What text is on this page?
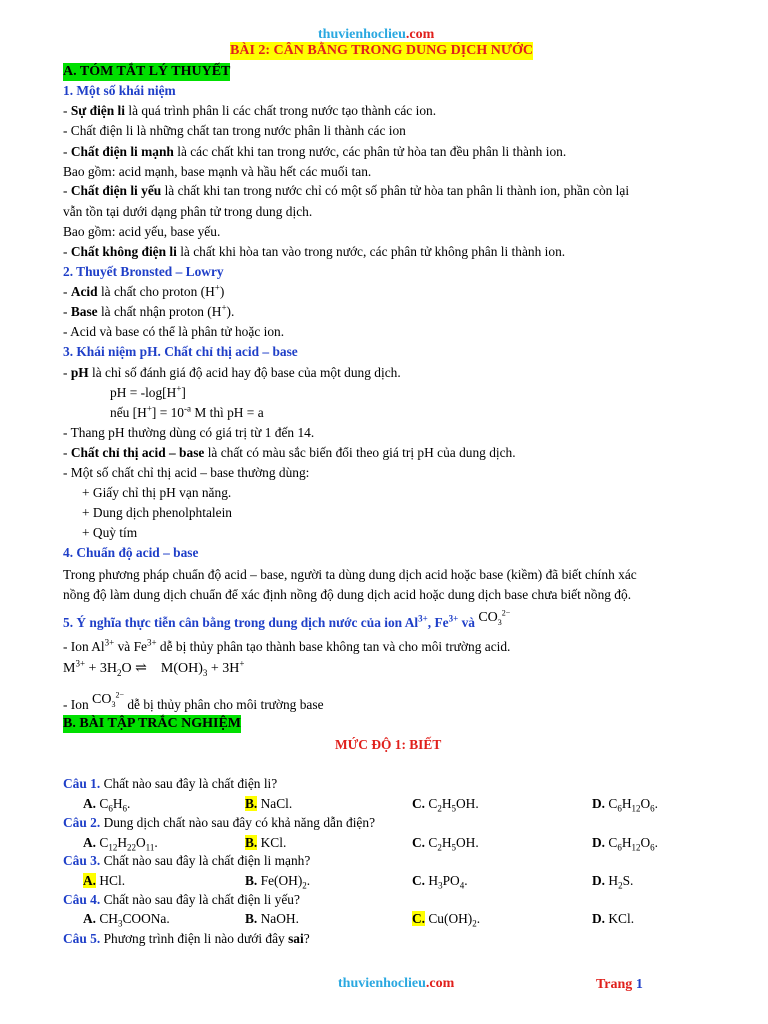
thuvienhoclieu.com
BÀI 2: CÂN BẰNG TRONG DUNG DỊCH NƯỚC
A. TÓM TẮT LÝ THUYẾT
1. Một số khái niệm
- Sự điện li là quá trình phân li các chất trong nước tạo thành các ion.
- Chất điện li là những chất tan trong nước phân li thành các ion
- Chất điện li mạnh là các chất khi tan trong nước, các phân tử hòa tan đều phân li thành ion.
Bao gồm: acid mạnh, base mạnh và hầu hết các muối tan.
- Chất điện li yếu là chất khi tan trong nước chỉ có một số phân tử hòa tan phân li thành ion, phần còn lại
vẫn tồn tại dưới dạng phân tử trong dung dịch.
Bao gồm: acid yếu, base yếu.
- Chất không điện li là chất khi hòa tan vào trong nước, các phân tử không phân li thành ion.
2. Thuyết Bronsted – Lowry
- Acid là chất cho proton (H+)
- Base là chất nhận proton (H+).
- Acid và base có thể là phân tử hoặc ion.
3. Khái niệm pH. Chất chỉ thị acid – base
- pH là chỉ số đánh giá độ acid hay độ base của một dung dịch.
pH = -log[H+]
nếu $[H^+] = 10^{-a}$ M thì pH = a
- Thang pH thường dùng có giá trị từ 1 đến 14.
- Chất chỉ thị acid – base là chất có màu sắc biến đổi theo giá trị pH của dung dịch.
- Một số chất chỉ thị acid – base thường dùng:
+ Giấy chỉ thị pH vạn năng.
+ Dung dịch phenolphtalein
+ Quỳ tím
4. Chuẩn độ acid – base
Trong phương pháp chuẩn độ acid – base, người ta dùng dung dịch acid hoặc base (kiềm) đã biết chính xác
nồng độ làm dung dịch chuẩn để xác định nồng độ dung dịch acid hoặc dung dịch base chưa biết nồng độ.
5. Ý nghĩa thực tiễn cân bằng trong dung dịch nước của ion $Al^{3+}$, $Fe^{3+}$ và $CO_3^{2-}$
- Ion $Al^{3+}$ và $Fe^{3+}$ dễ bị thủy phân tạo thành base không tan và cho môi trường acid.
$M^{3+} + 3H_2O$ ⇌    $M(OH)_3 + 3H^+$
- Ion $CO_3^{2-}$ dễ bị thủy phân cho môi trường base
B. BÀI TẬP TRẮC NGHIỆM
MỨC ĐỘ 1: BIẾT
Câu 1. Chất nào sau đây là chất điện li?
A. $C_6H_6$.	B. NaCl.	C. $C_2H_5OH$.	D. $C_6H_{12}O_6$.
Câu 2. Dung dịch chất nào sau đây có khả năng dẫn điện?
A. $C_{12}H_{22}O_{11}$.	B. KCl.	C. $C_2H_5OH$.	D. $C_6H_{12}O_6$.
Câu 3. Chất nào sau đây là chất điện li mạnh?
A. HCl.	B. $Fe(OH)_2$.	C. $H_3PO_4$.	D. $H_2S$.
Câu 4. Chất nào sau đây là chất điện li yếu?
A. $CH_3COONa$.	B. NaOH.	C. $Cu(OH)_2$.	D. KCl.
Câu 5. Phương trình điện li nào dưới đây sai?
thuvienhoclieu.com	Trang 1
